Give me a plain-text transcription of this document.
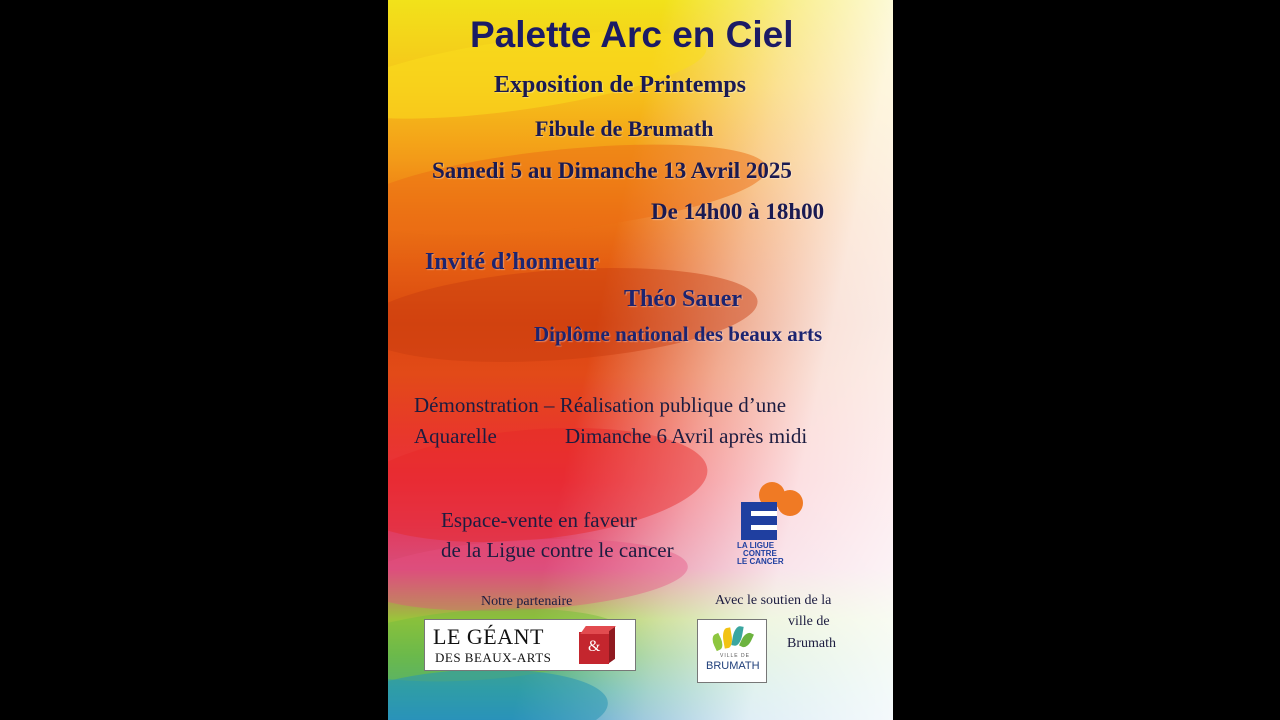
Palette Arc en Ciel
Exposition de Printemps
Fibule de Brumath
Samedi 5 au Dimanche 13 Avril 2025
De 14h00 à 18h00
Invité d’honneur
Théo Sauer
Diplôme national des beaux arts
Démonstration – Réalisation publique d’une
Aquarelle	Dimanche 6 Avril après midi
Espace-vente en faveur
de la Ligue contre le cancer	LA LIGUE
CONTRE
LE CANCER
Notre partenaire
LE GÉANT
DES BEAUX-ARTS
&
Avec le soutien de la
ville de
Brumath
VILLE DE
BRUMATH
